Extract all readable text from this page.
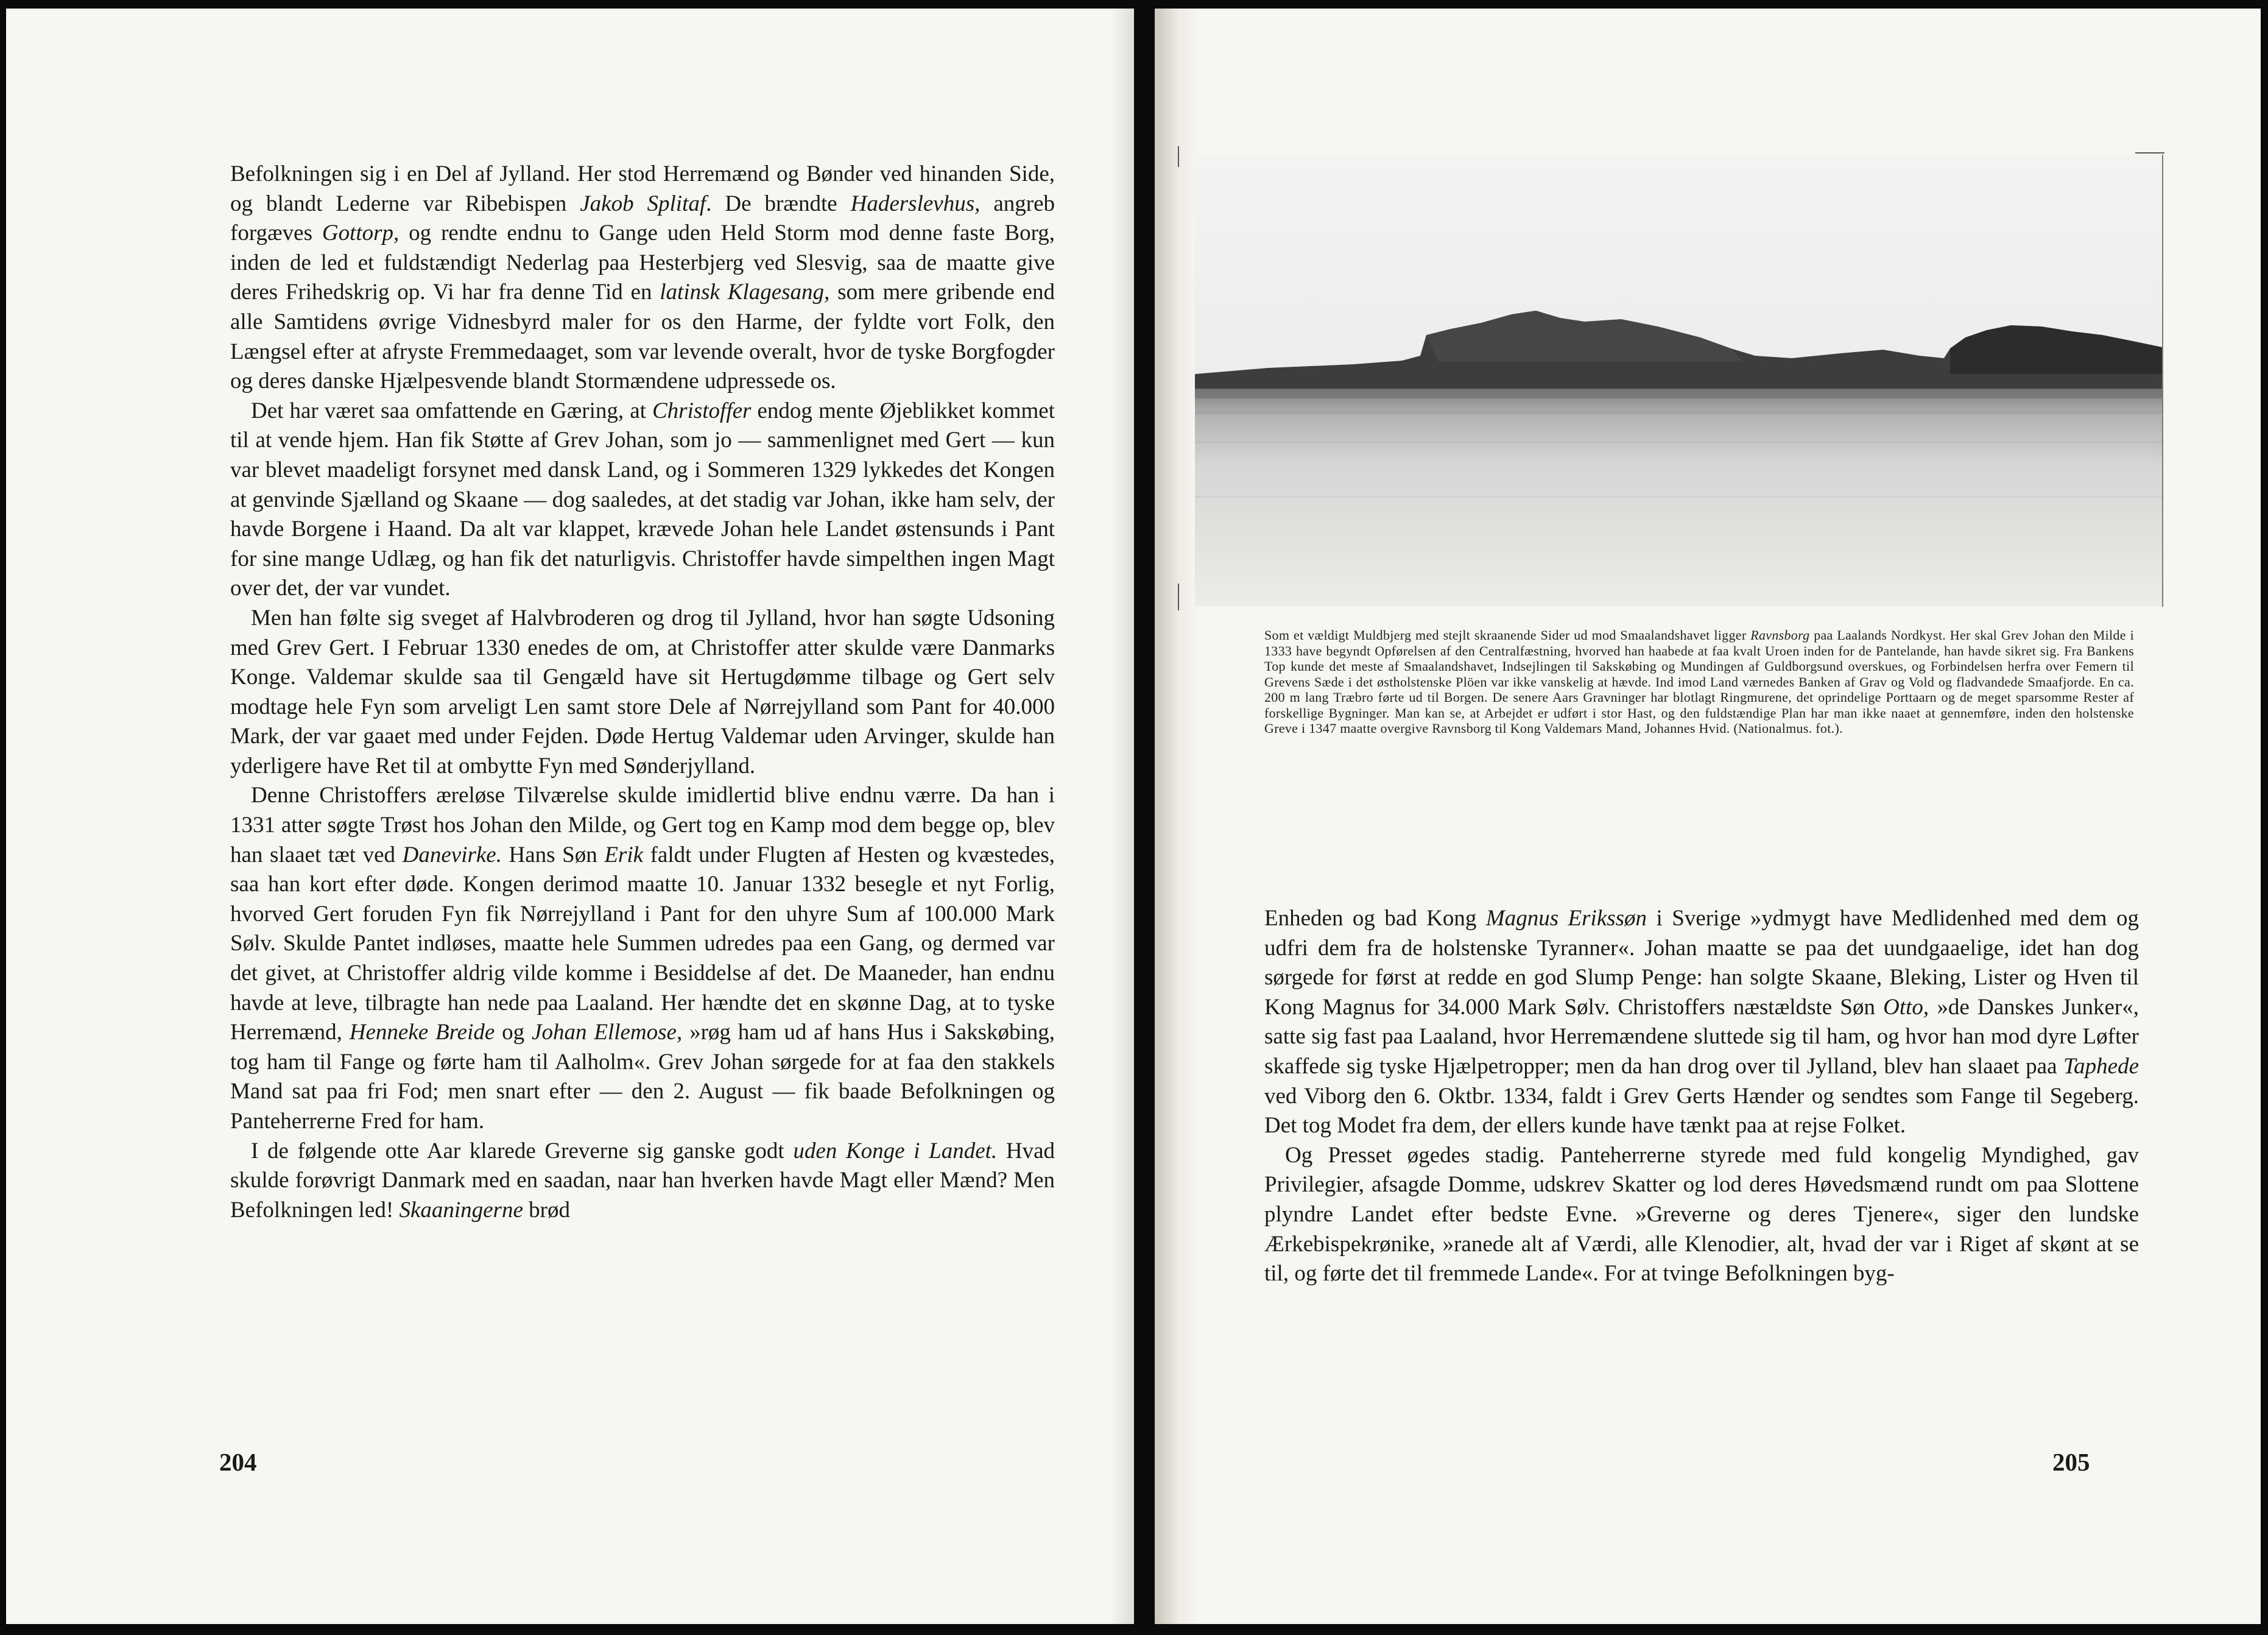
Befolkningen sig i en Del af Jylland. Her stod Herremænd og Bønder ved hinanden Side, og blandt Lederne var Ribebispen Jakob Splitaf. De brændte Haderslevhus, angreb forgæves Gottorp, og rendte endnu to Gange uden Held Storm mod denne faste Borg, inden de led et fuldstændigt Nederlag paa Hesterbjerg ved Slesvig, saa de maatte give deres Frihedskrig op. Vi har fra denne Tid en latinsk Klagesang, som mere gribende end alle Samtidens øvrige Vidnesbyrd maler for os den Harme, der fyldte vort Folk, den Længsel efter at afryste Fremmedaaget, som var levende overalt, hvor de tyske Borgfogder og deres danske Hjælpesvende blandt Stormændene udpressede os.

Det har været saa omfattende en Gæring, at Christoffer endog mente Øjeblikket kommet til at vende hjem. Han fik Støtte af Grev Johan, som jo — sammenlignet med Gert — kun var blevet maadeligt forsynet med dansk Land, og i Sommeren 1329 lykkedes det Kongen at genvinde Sjælland og Skaane — dog saaledes, at det stadig var Johan, ikke ham selv, der havde Borgene i Haand. Da alt var klappet, krævede Johan hele Landet østensunds i Pant for sine mange Udlæg, og han fik det naturligvis. Christoffer havde simpelthen ingen Magt over det, der var vundet.

Men han følte sig sveget af Halvbroderen og drog til Jylland, hvor han søgte Udsoning med Grev Gert. I Februar 1330 enedes de om, at Christoffer atter skulde være Danmarks Konge. Valdemar skulde saa til Gengæld have sit Hertugdømme tilbage og Gert selv modtage hele Fyn som arveligt Len samt store Dele af Nørrejylland som Pant for 40.000 Mark, der var gaaet med under Fejden. Døde Hertug Valdemar uden Arvinger, skulde han yderligere have Ret til at ombytte Fyn med Sønderjylland.

Denne Christoffers æreløse Tilværelse skulde imidlertid blive endnu værre. Da han i 1331 atter søgte Trøst hos Johan den Milde, og Gert tog en Kamp mod dem begge op, blev han slaaet tæt ved Danevirke. Hans Søn Erik faldt under Flugten af Hesten og kvæstedes, saa han kort efter døde. Kongen derimod maatte 10. Januar 1332 besegle et nyt Forlig, hvorved Gert foruden Fyn fik Nørrejylland i Pant for den uhyre Sum af 100.000 Mark Sølv. Skulde Pantet indløses, maatte hele Summen udredes paa een Gang, og dermed var det givet, at Christoffer aldrig vilde komme i Besiddelse af det. De Maaneder, han endnu havde at leve, tilbragte han nede paa Laaland. Her hændte det en skønne Dag, at to tyske Herremænd, Henneke Breide og Johan Ellemose, »røg ham ud af hans Hus i Sakskøbing, tog ham til Fange og førte ham til Aalholm«. Grev Johan sørgede for at faa den stakkels Mand sat paa fri Fod; men snart efter — den 2. August — fik baade Befolkningen og Panteherrerne Fred for ham.

I de følgende otte Aar klarede Greverne sig ganske godt uden Konge i Landet. Hvad skulde forøvrigt Danmark med en saadan, naar han hverken havde Magt eller Mænd? Men Befolkningen led! Skaaningerne brød

204
Som et vældigt Muldbjerg med stejlt skraanende Sider ud mod Smaalandshavet ligger Ravnsborg paa Laalands Nordkyst. Her skal Grev Johan den Milde i 1333 have begyndt Opførelsen af den Centralfæstning, hvorved han haabede at faa kvalt Uroen inden for de Pantelande, han havde sikret sig. Fra Bankens Top kunde det meste af Smaalandshavet, Indsejlingen til Sakskøbing og Mundingen af Guldborgsund overskues, og Forbindelsen herfra over Femern til Grevens Sæde i det østholstenske Plöen var ikke vanskelig at hævde. Ind imod Land værnedes Banken af Grav og Vold og fladvandede Smaafjorde. En ca. 200 m lang Træbro førte ud til Borgen. De senere Aars Gravninger har blotlagt Ringmurene, det oprindelige Porttaarn og de meget sparsomme Rester af forskellige Bygninger. Man kan se, at Arbejdet er udført i stor Hast, og den fuldstændige Plan har man ikke naaet at gennemføre, inden den holstenske Greve i 1347 maatte overgive Ravnsborg til Kong Valdemars Mand, Johannes Hvid. (Nationalmus. fot.).

Enheden og bad Kong Magnus Erikssøn i Sverige »ydmygt have Medlidenhed med dem og udfri dem fra de holstenske Tyranner«. Johan maatte se paa det uundgaaelige, idet han dog sørgede for først at redde en god Slump Penge: han solgte Skaane, Bleking, Lister og Hven til Kong Magnus for 34.000 Mark Sølv. Christoffers næstældste Søn Otto, »de Danskes Junker«, satte sig fast paa Laaland, hvor Herremændene sluttede sig til ham, og hvor han mod dyre Løfter skaffede sig tyske Hjælpetropper; men da han drog over til Jylland, blev han slaaet paa Taphede ved Viborg den 6. Oktbr. 1334, faldt i Grev Gerts Hænder og sendtes som Fange til Segeberg. Det tog Modet fra dem, der ellers kunde have tænkt paa at rejse Folket.

Og Presset øgedes stadig. Panteherrerne styrede med fuld kongelig Myndighed, gav Privilegier, afsagde Domme, udskrev Skatter og lod deres Høvedsmænd rundt om paa Slottene plyndre Landet efter bedste Evne. »Greverne og deres Tjenere«, siger den lundske Ærkebispekrønike, »ranede alt af Værdi, alle Klenodier, alt, hvad der var i Riget af skønt at se til, og førte det til fremmede Lande«. For at tvinge Befolkningen byg-

205
